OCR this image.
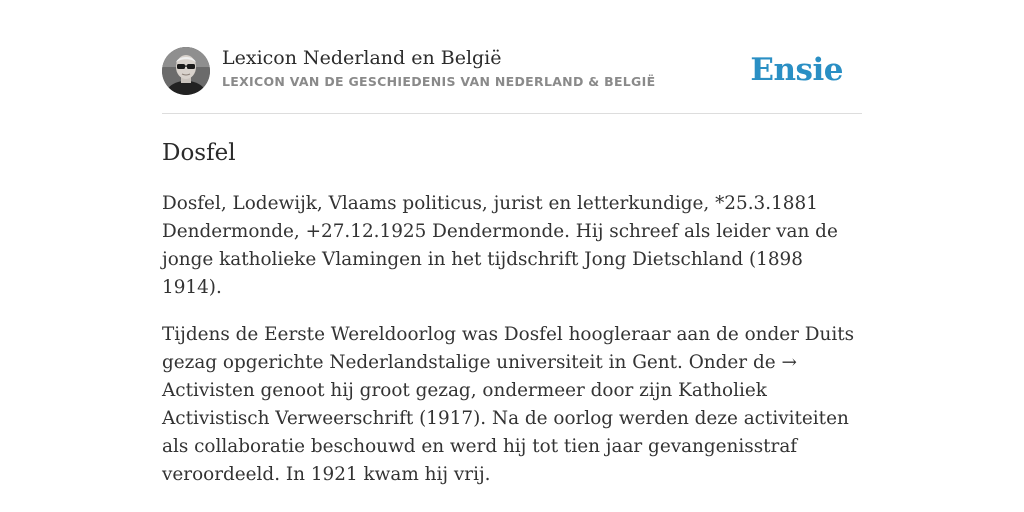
Lexicon Nederland en België
LEXICON VAN DE GESCHIEDENIS VAN NEDERLAND & BELGIË	Ensie
Dosfel

Dosfel, Lodewijk, Vlaams politicus, jurist en letterkundige, *25.3.1881 Dendermonde, +27.12.1925 Dendermonde. Hij schreef als leider van de jonge katholieke Vlamingen in het tijdschrift Jong Dietschland (1898 1914).

Tijdens de Eerste Wereldoorlog was Dosfel hoogleraar aan de onder Duits gezag opgerichte Nederlandstalige universiteit in Gent. Onder de → Activisten genoot hij groot gezag, ondermeer door zijn Katholiek Activistisch Verweerschrift (1917). Na de oorlog werden deze activiteiten als collaboratie beschouwd en werd hij tot tien jaar gevangenisstraf veroordeeld. In 1921 kwam hij vrij.
